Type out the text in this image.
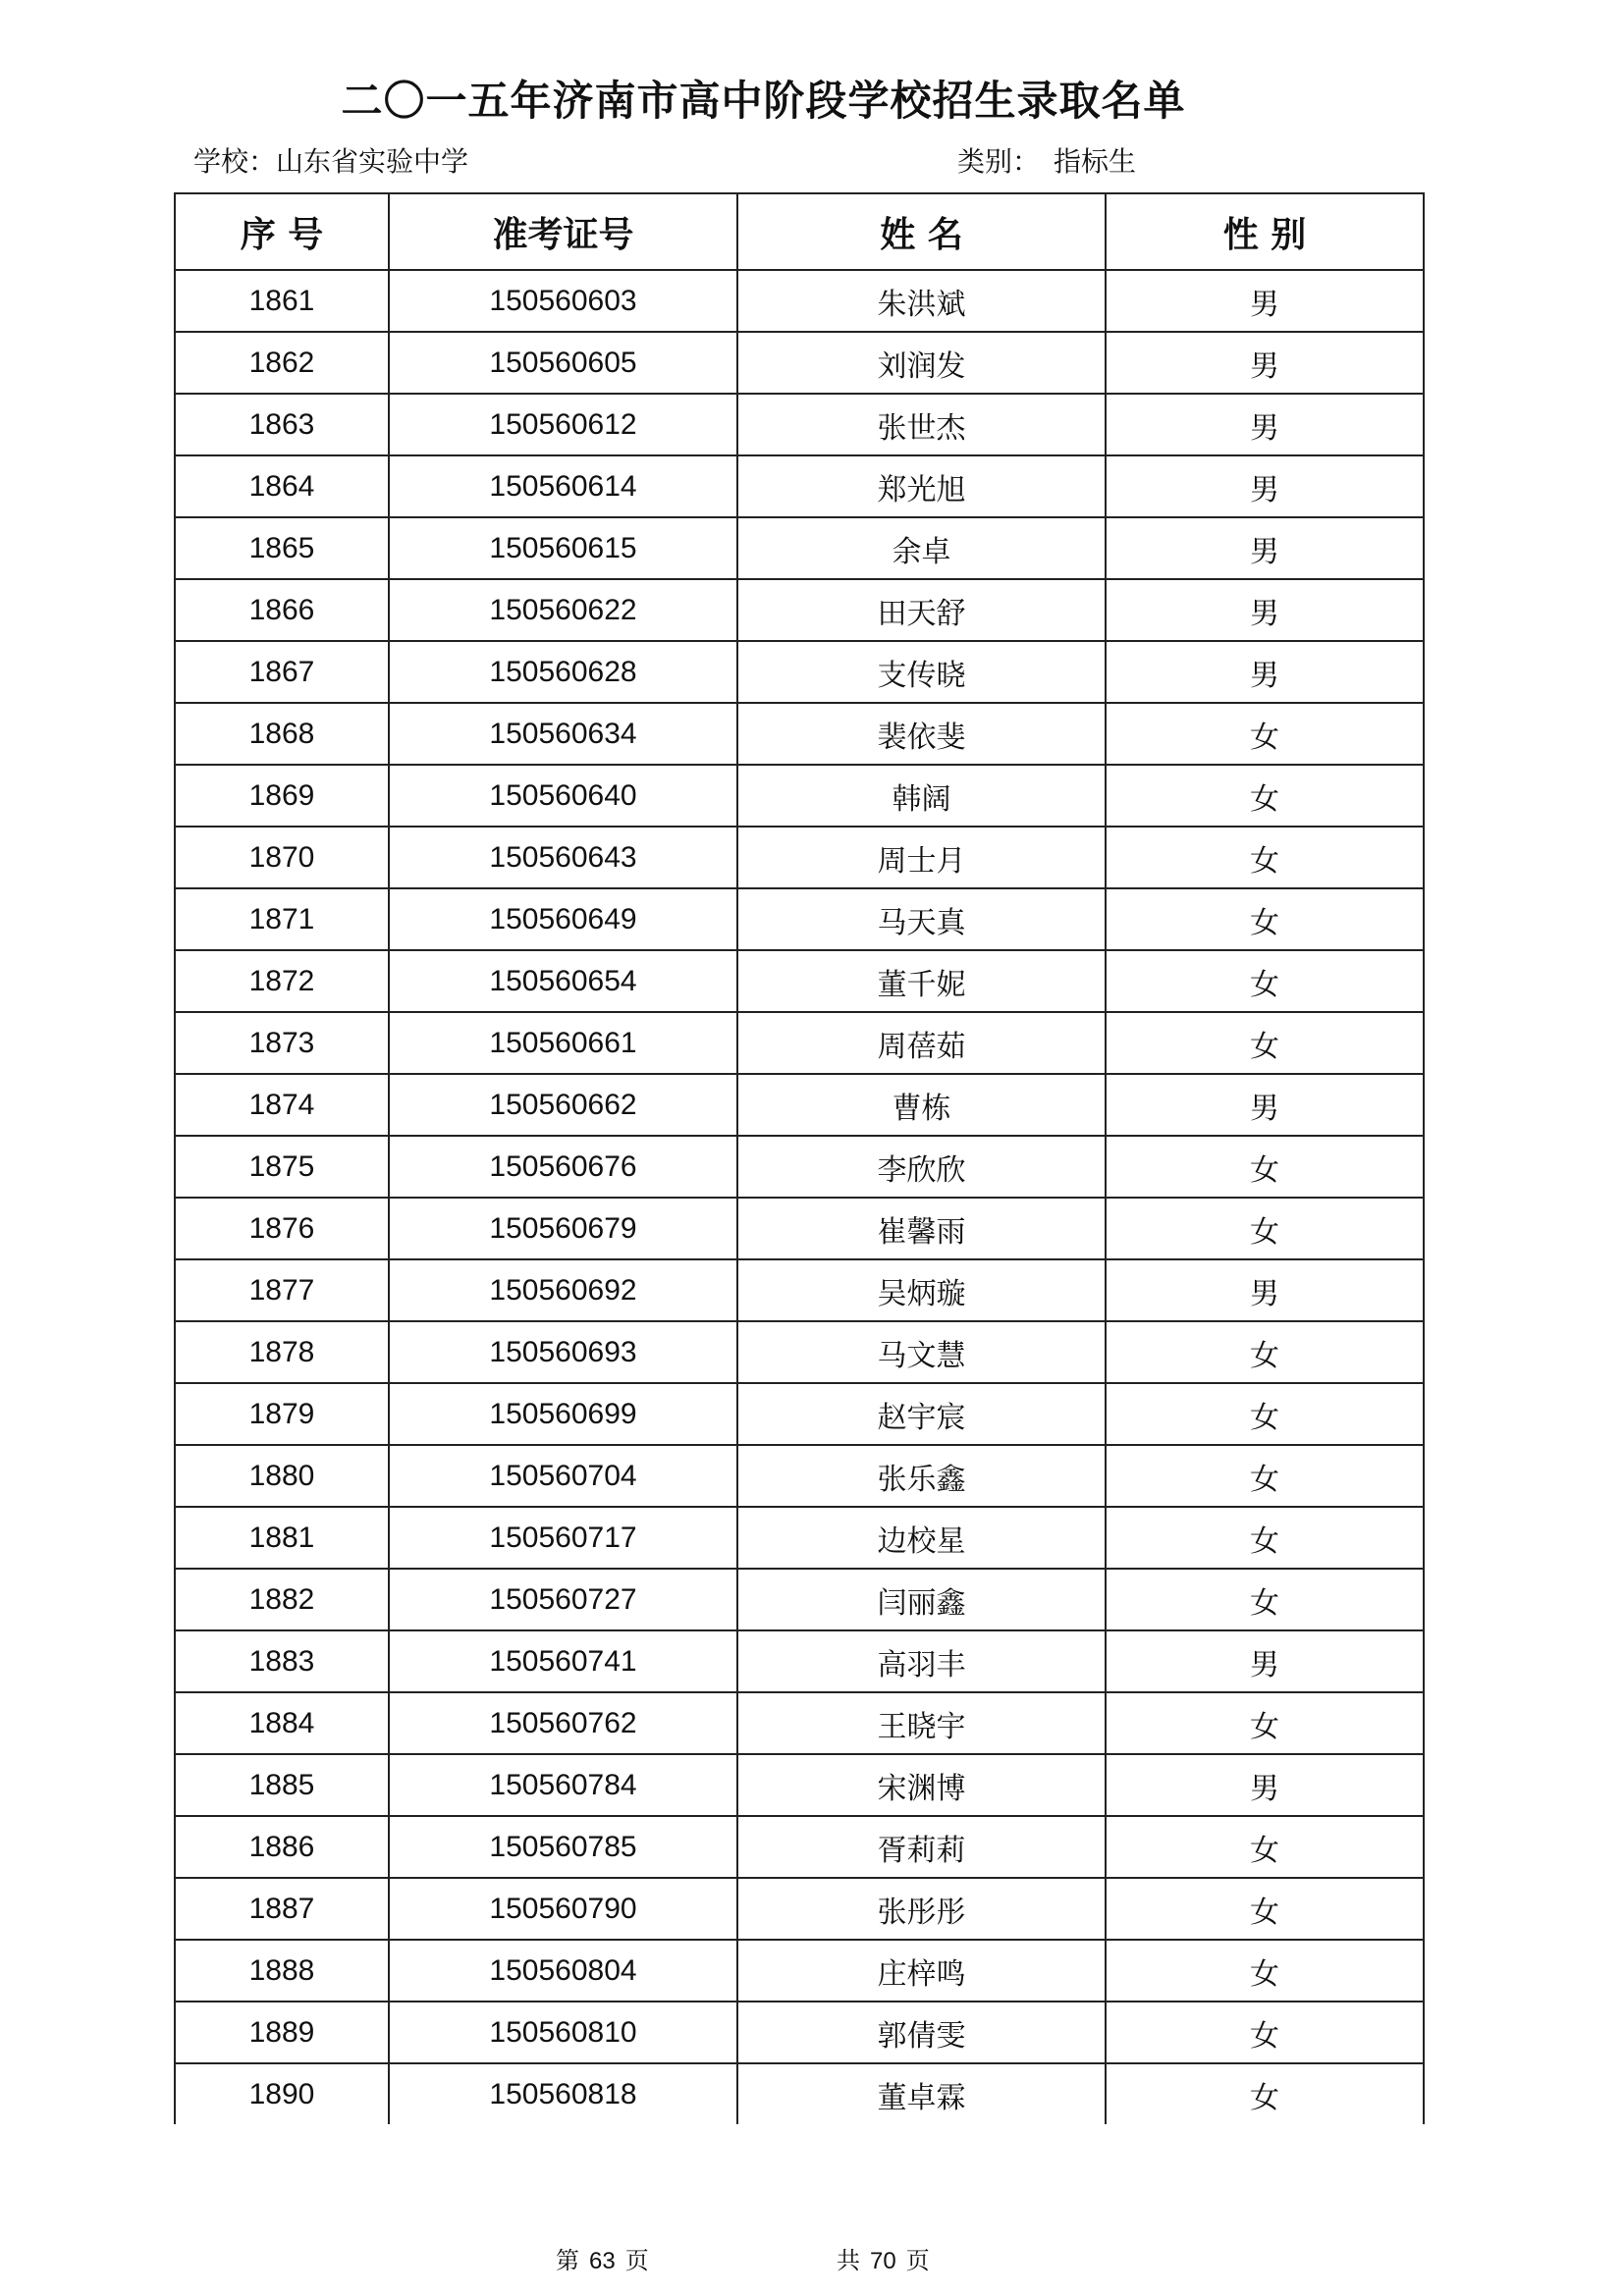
二〇一五年济南市高中阶段学校招生录取名单
学校：山东省实验中学	类别： 指标生
序 号	准考证号	姓 名	性 别
1861	150560603	朱洪斌	男
1862	150560605	刘润发	男
1863	150560612	张世杰	男
1864	150560614	郑光旭	男
1865	150560615	余卓	男
1866	150560622	田天舒	男
1867	150560628	支传晓	男
1868	150560634	裴依斐	女
1869	150560640	韩阔	女
1870	150560643	周士月	女
1871	150560649	马天真	女
1872	150560654	董千妮	女
1873	150560661	周蓓茹	女
1874	150560662	曹栋	男
1875	150560676	李欣欣	女
1876	150560679	崔馨雨	女
1877	150560692	吴炳璇	男
1878	150560693	马文慧	女
1879	150560699	赵宇宸	女
1880	150560704	张乐鑫	女
1881	150560717	边校星	女
1882	150560727	闫丽鑫	女
1883	150560741	高羽丰	男
1884	150560762	王晓宇	女
1885	150560784	宋渊博	男
1886	150560785	胥莉莉	女
1887	150560790	张彤彤	女
1888	150560804	庄梓鸣	女
1889	150560810	郭倩雯	女
1890	150560818	董卓霖	女
第 63 页	共 70 页
